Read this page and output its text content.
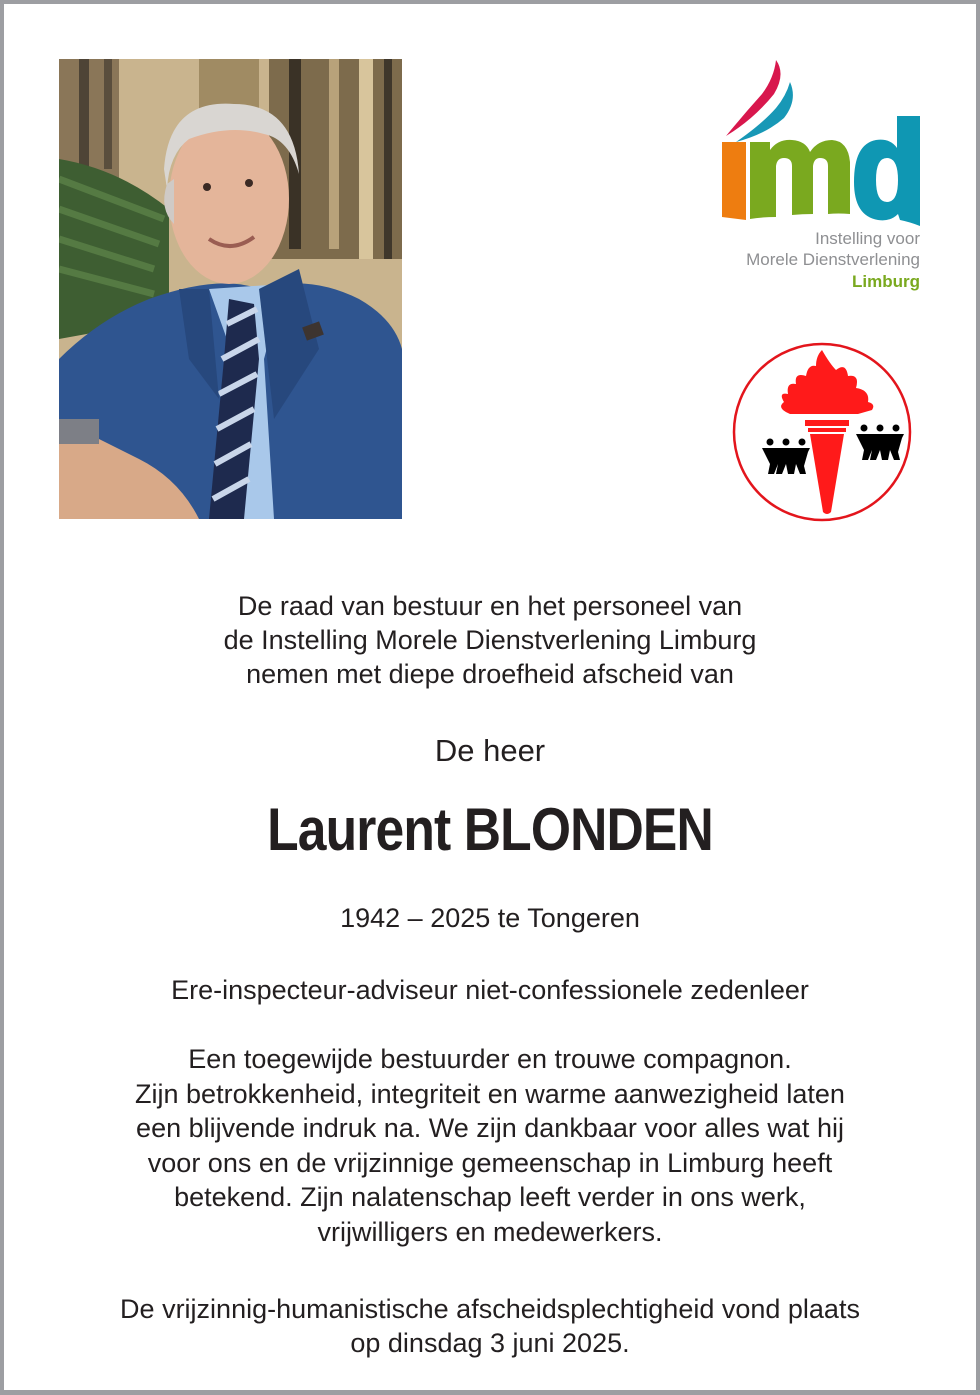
Instelling voor
Morele Dienstverlening
Limburg
De raad van bestuur en het personeel van
de Instelling Morele Dienstverlening Limburg
nemen met diepe droefheid afscheid van
De heer
Laurent BLONDEN
1942 – 2025 te Tongeren
Ere-inspecteur-adviseur niet-confessionele zedenleer
Een toegewijde bestuurder en trouwe compagnon.
Zijn betrokkenheid, integriteit en warme aanwezigheid laten
een blijvende indruk na. We zijn dankbaar voor alles wat hij
voor ons en de vrijzinnige gemeenschap in Limburg heeft
betekend. Zijn nalatenschap leeft verder in ons werk,
vrijwilligers en medewerkers.
De vrijzinnig-humanistische afscheidsplechtigheid vond plaats
op dinsdag 3 juni 2025.
